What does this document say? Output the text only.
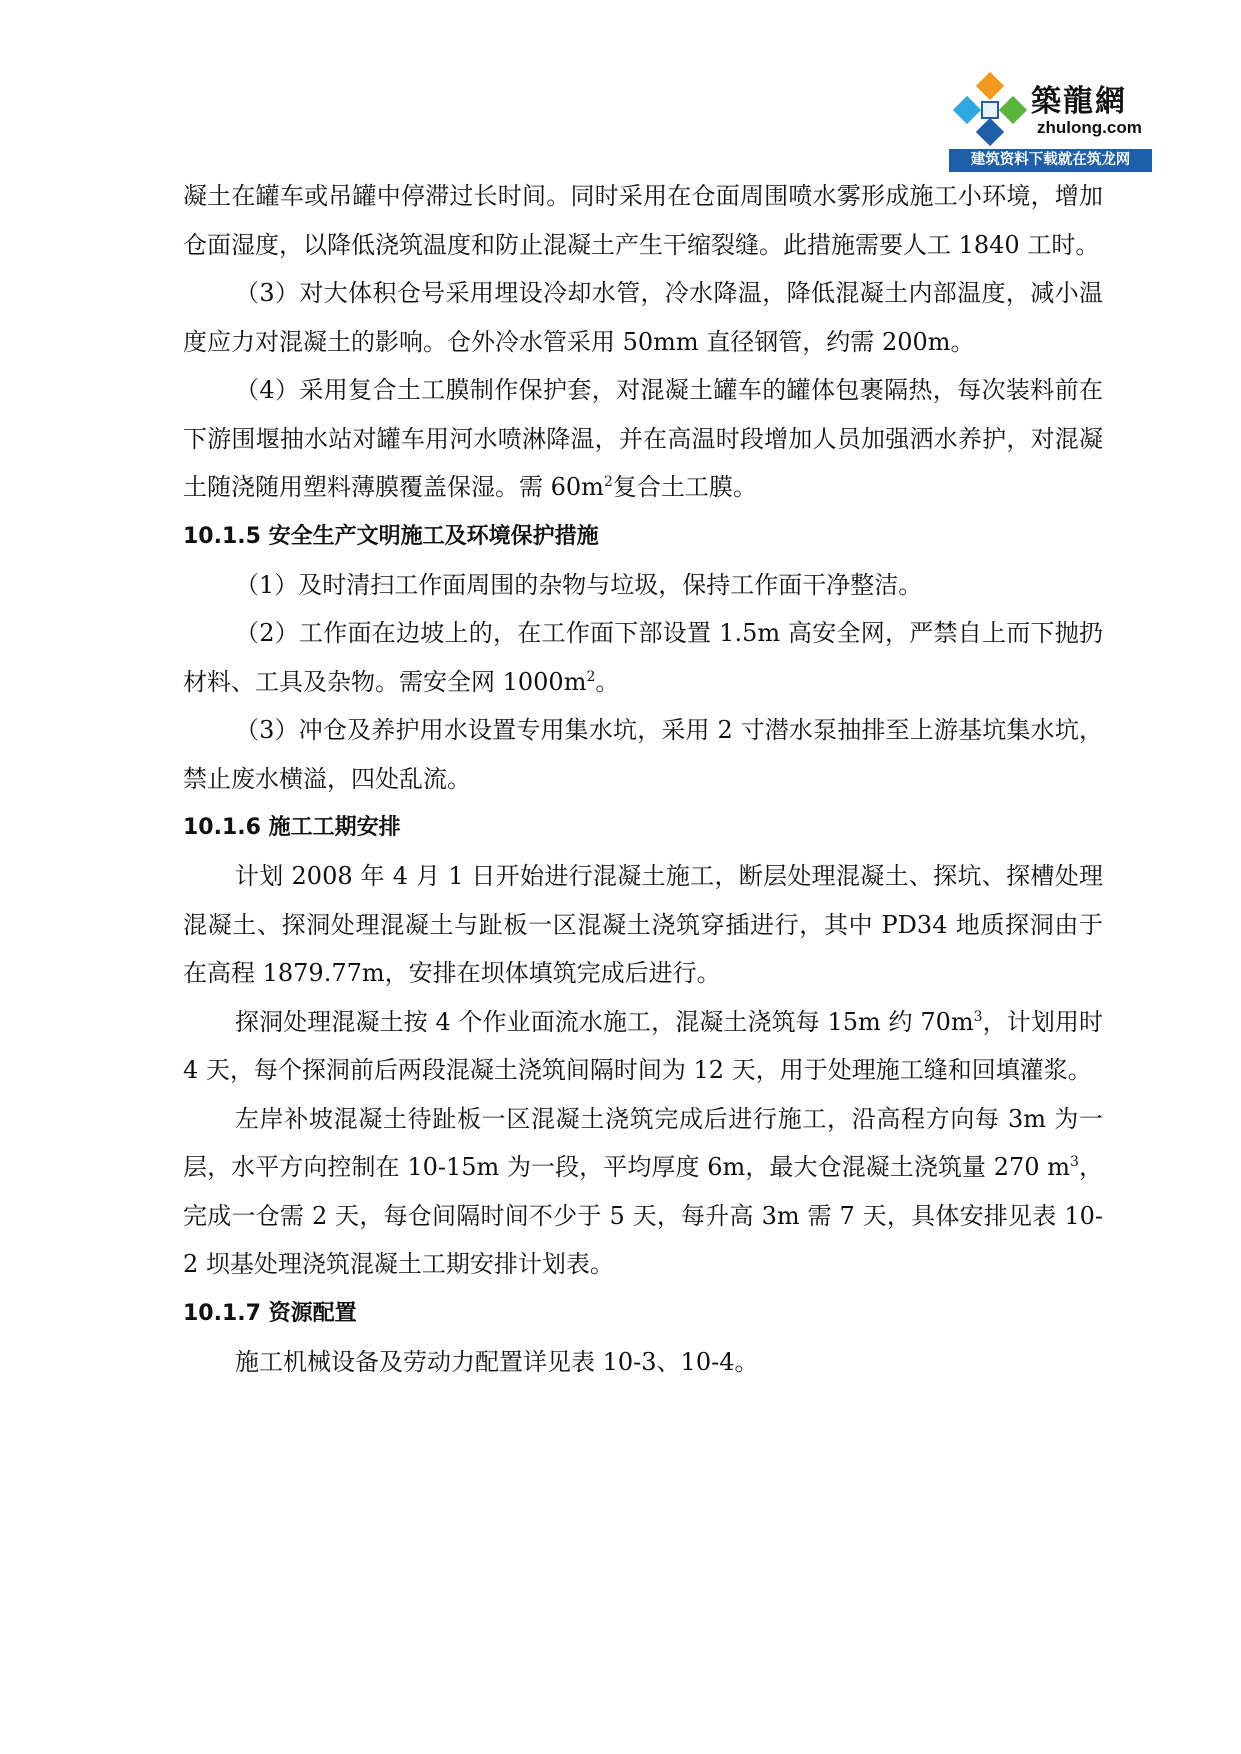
築龍網
zhulong.com
建筑资料下载就在筑龙网

凝土在罐车或吊罐中停滞过长时间。同时采用在仓面周围喷水雾形成施工小环境，增加仓面湿度，以降低浇筑温度和防止混凝土产生干缩裂缝。此措施需要人工 1840 工时。

（3）对大体积仓号采用埋设冷却水管，冷水降温，降低混凝土内部温度，减小温度应力对混凝土的影响。仓外冷水管采用 50mm 直径钢管，约需 200m。

（4）采用复合土工膜制作保护套，对混凝土罐车的罐体包裹隔热，每次装料前在下游围堰抽水站对罐车用河水喷淋降温，并在高温时段增加人员加强洒水养护，对混凝土随浇随用塑料薄膜覆盖保湿。需 $60m^2$复合土工膜。

10.1.5 安全生产文明施工及环境保护措施

（1）及时清扫工作面周围的杂物与垃圾，保持工作面干净整洁。

（2）工作面在边坡上的，在工作面下部设置 1.5m 高安全网，严禁自上而下抛扔材料、工具及杂物。需安全网 $1000m^2$。

（3）冲仓及养护用水设置专用集水坑，采用 2 寸潜水泵抽排至上游基坑集水坑，禁止废水横溢，四处乱流。

10.1.6 施工工期安排

计划 2008 年 4 月 1 日开始进行混凝土施工，断层处理混凝土、探坑、探槽处理混凝土、探洞处理混凝土与趾板一区混凝土浇筑穿插进行，其中 PD34 地质探洞由于在高程 1879.77m，安排在坝体填筑完成后进行。

探洞处理混凝土按 4 个作业面流水施工，混凝土浇筑每 15m 约 $70m^3$，计划用时 4 天，每个探洞前后两段混凝土浇筑间隔时间为 12 天，用于处理施工缝和回填灌浆。

左岸补坡混凝土待趾板一区混凝土浇筑完成后进行施工，沿高程方向每 3m 为一层，水平方向控制在 10-15m 为一段，平均厚度 6m，最大仓混凝土浇筑量 270 $m^3$，完成一仓需 2 天，每仓间隔时间不少于 5 天，每升高 3m 需 7 天，具体安排见表 10-2 坝基处理浇筑混凝土工期安排计划表。

10.1.7 资源配置

施工机械设备及劳动力配置详见表 10-3、10-4。
